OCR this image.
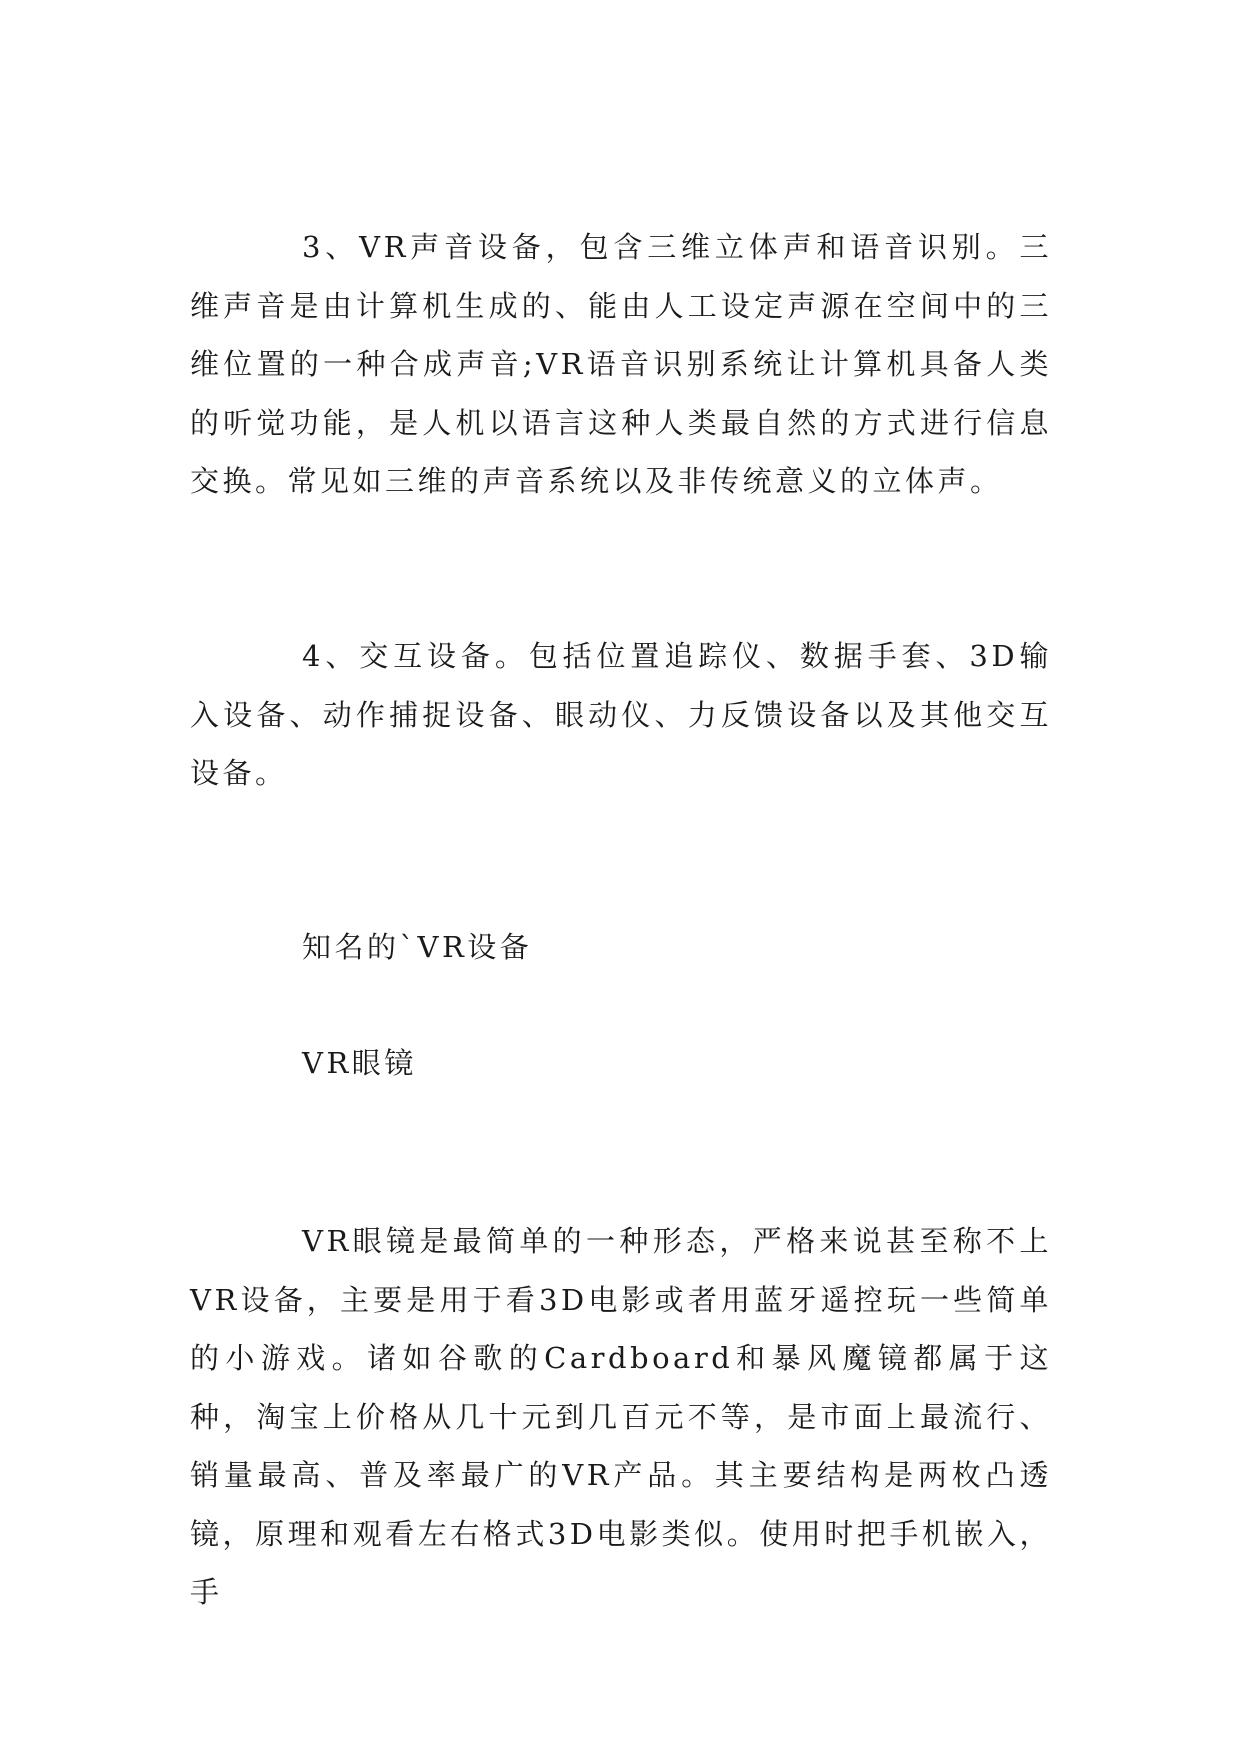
3、VR声音设备，包含三维立体声和语音识别。三维声音是由计算机生成的、能由人工设定声源在空间中的三维位置的一种合成声音;VR语音识别系统让计算机具备人类的听觉功能，是人机以语言这种人类最自然的方式进行信息交换。常见如三维的声音系统以及非传统意义的立体声。

4、交互设备。包括位置追踪仪、数据手套、3D输入设备、动作捕捉设备、眼动仪、力反馈设备以及其他交互设备。

知名的`VR设备

VR眼镜

VR眼镜是最简单的一种形态，严格来说甚至称不上VR设备，主要是用于看3D电影或者用蓝牙遥控玩一些简单的小游戏。诸如谷歌的Cardboard和暴风魔镜都属于这种，淘宝上价格从几十元到几百元不等，是市面上最流行、销量最高、普及率最广的VR产品。其主要结构是两枚凸透镜，原理和观看左右格式3D电影类似。使用时把手机嵌入，手
